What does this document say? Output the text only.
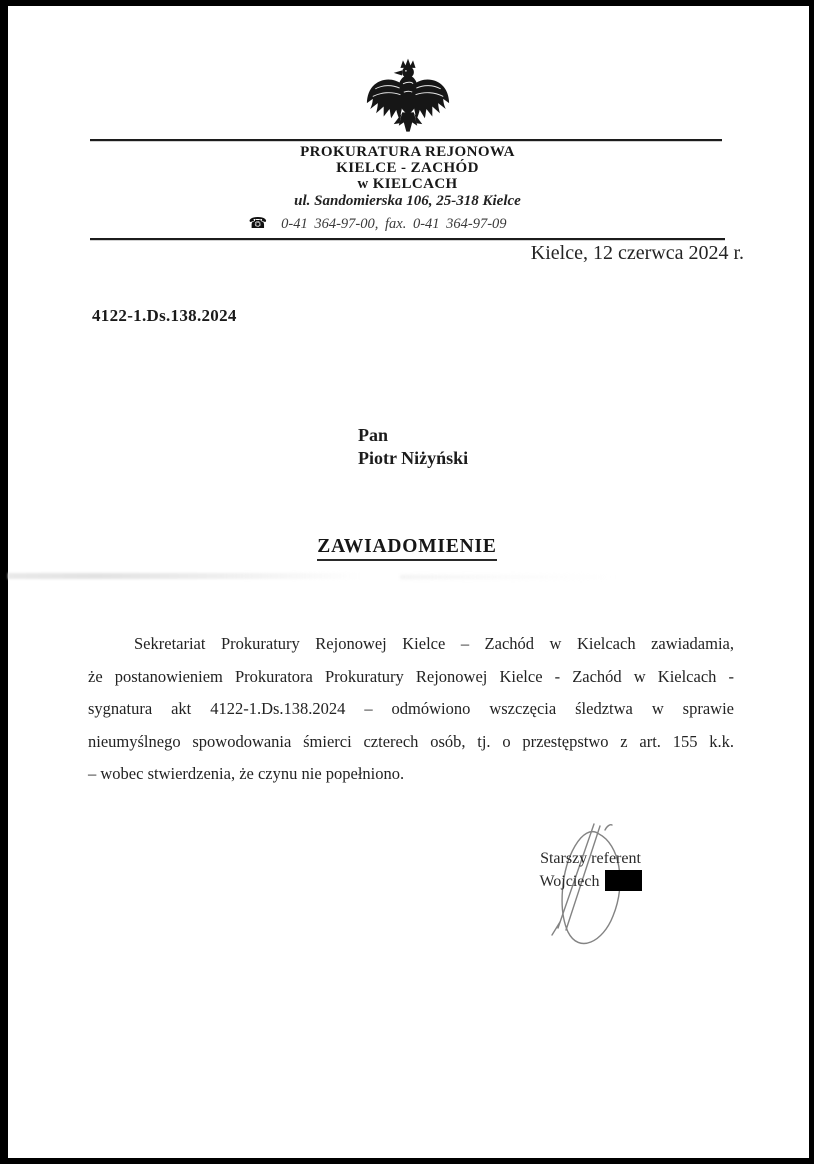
PROKURATURA REJONOWA
KIELCE - ZACHÓD
w KIELCACH
ul. Sandomierska 106, 25-318 Kielce
☎ 0-41 364-97-00, fax. 0-41 364-97-09
Kielce, 12 czerwca 2024 r.
4122-1.Ds.138.2024
Pan
Piotr Niżyński
ZAWIADOMIENIE
Sekretariat Prokuratury Rejonowej Kielce – Zachód w Kielcach zawiadamia,
że postanowieniem Prokuratora Prokuratury Rejonowej Kielce - Zachód w Kielcach -
sygnatura akt 4122-1.Ds.138.2024 – odmówiono wszczęcia śledztwa w sprawie
nieumyślnego spowodowania śmierci czterech osób, tj. o przestępstwo z art. 155 k.k.
– wobec stwierdzenia, że czynu nie popełniono.
Starszy referent
Wojciech
